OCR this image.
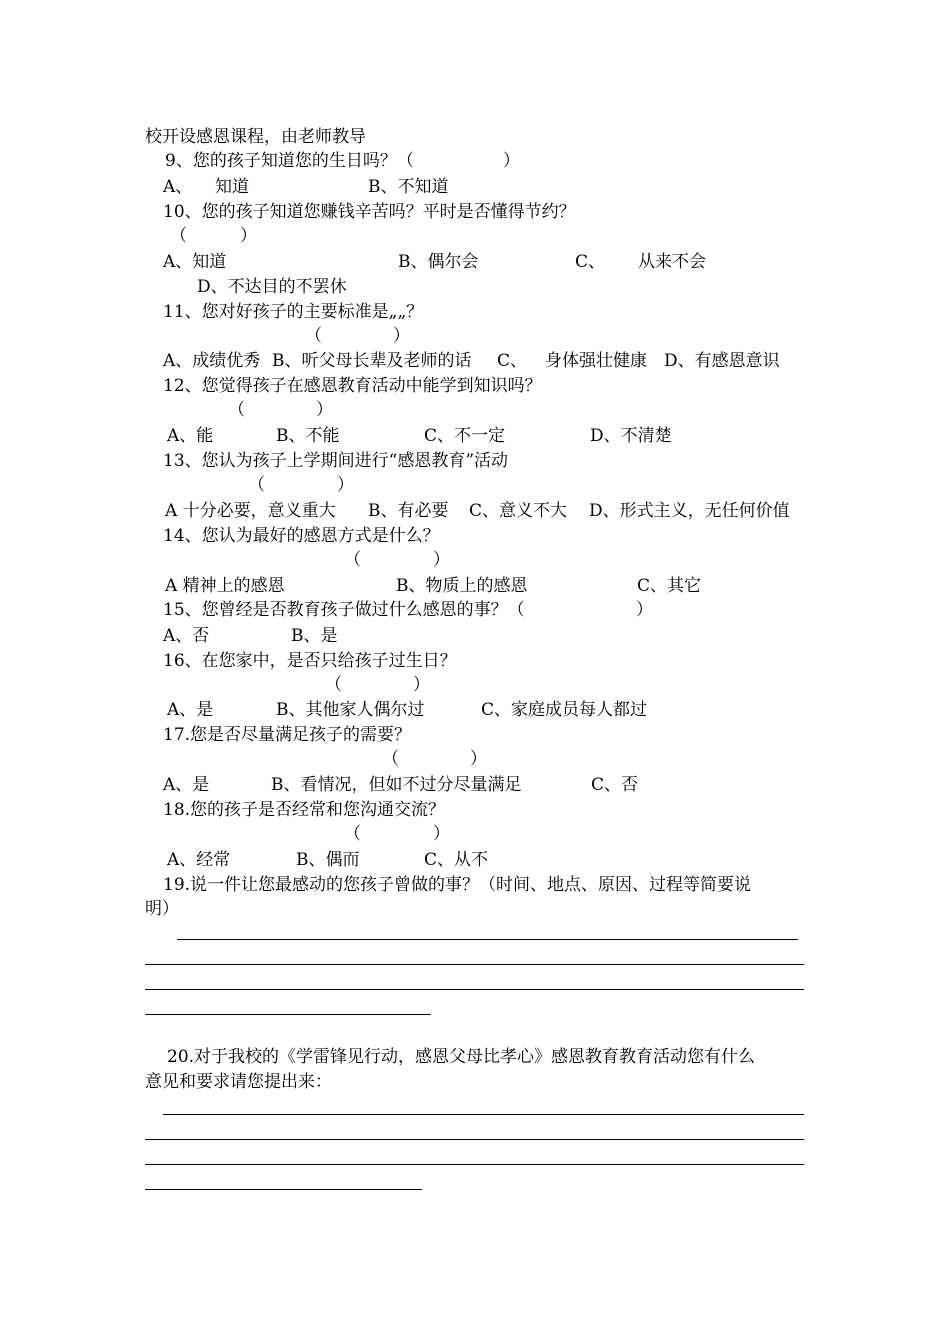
校开设感恩课程，由老师教导
9、您的孩子知道您的生日吗？（	）
A、 知道	B、不知道
10、您的孩子知道您赚钱辛苦吗？平时是否懂得节约？
（	）
A、知道	B、偶尔会	C、 从来不会
D、不达目的不罢休
11、您对好孩子的主要标准是„„？
（	）
A、成绩优秀 B、听父母长辈及老师的话 C、 身体强壮健康 D、有感恩意识
12、您觉得孩子在感恩教育活动中能学到知识吗？
（	）
A、能	B、不能	C、不一定	D、不清楚
13、您认为孩子上学期间进行“感恩教育”活动
（	）
A 十分必要，意义重大 B、有必要 C、意义不大 D、形式主义，无任何价值
14、您认为最好的感恩方式是什么？
（	）
A 精神上的感恩	B、物质上的感恩	C、其它
15、您曾经是否教育孩子做过什么感恩的事？（	）
A、否	B、是
16、在您家中，是否只给孩子过生日？
（	）
A、是	B、其他家人偶尔过	C、家庭成员每人都过
17.您是否尽量满足孩子的需要？
（	）
A、是	B、看情况，但如不过分尽量满足	C、否
18.您的孩子是否经常和您沟通交流？
（	）
A、经常	B、偶而	C、从不
19.说一件让您最感动的您孩子曾做的事？（时间、地点、原因、过程等简要说
明）
20.对于我校的《学雷锋见行动，感恩父母比孝心》感恩教育教育活动您有什么
意见和要求请您提出来：
